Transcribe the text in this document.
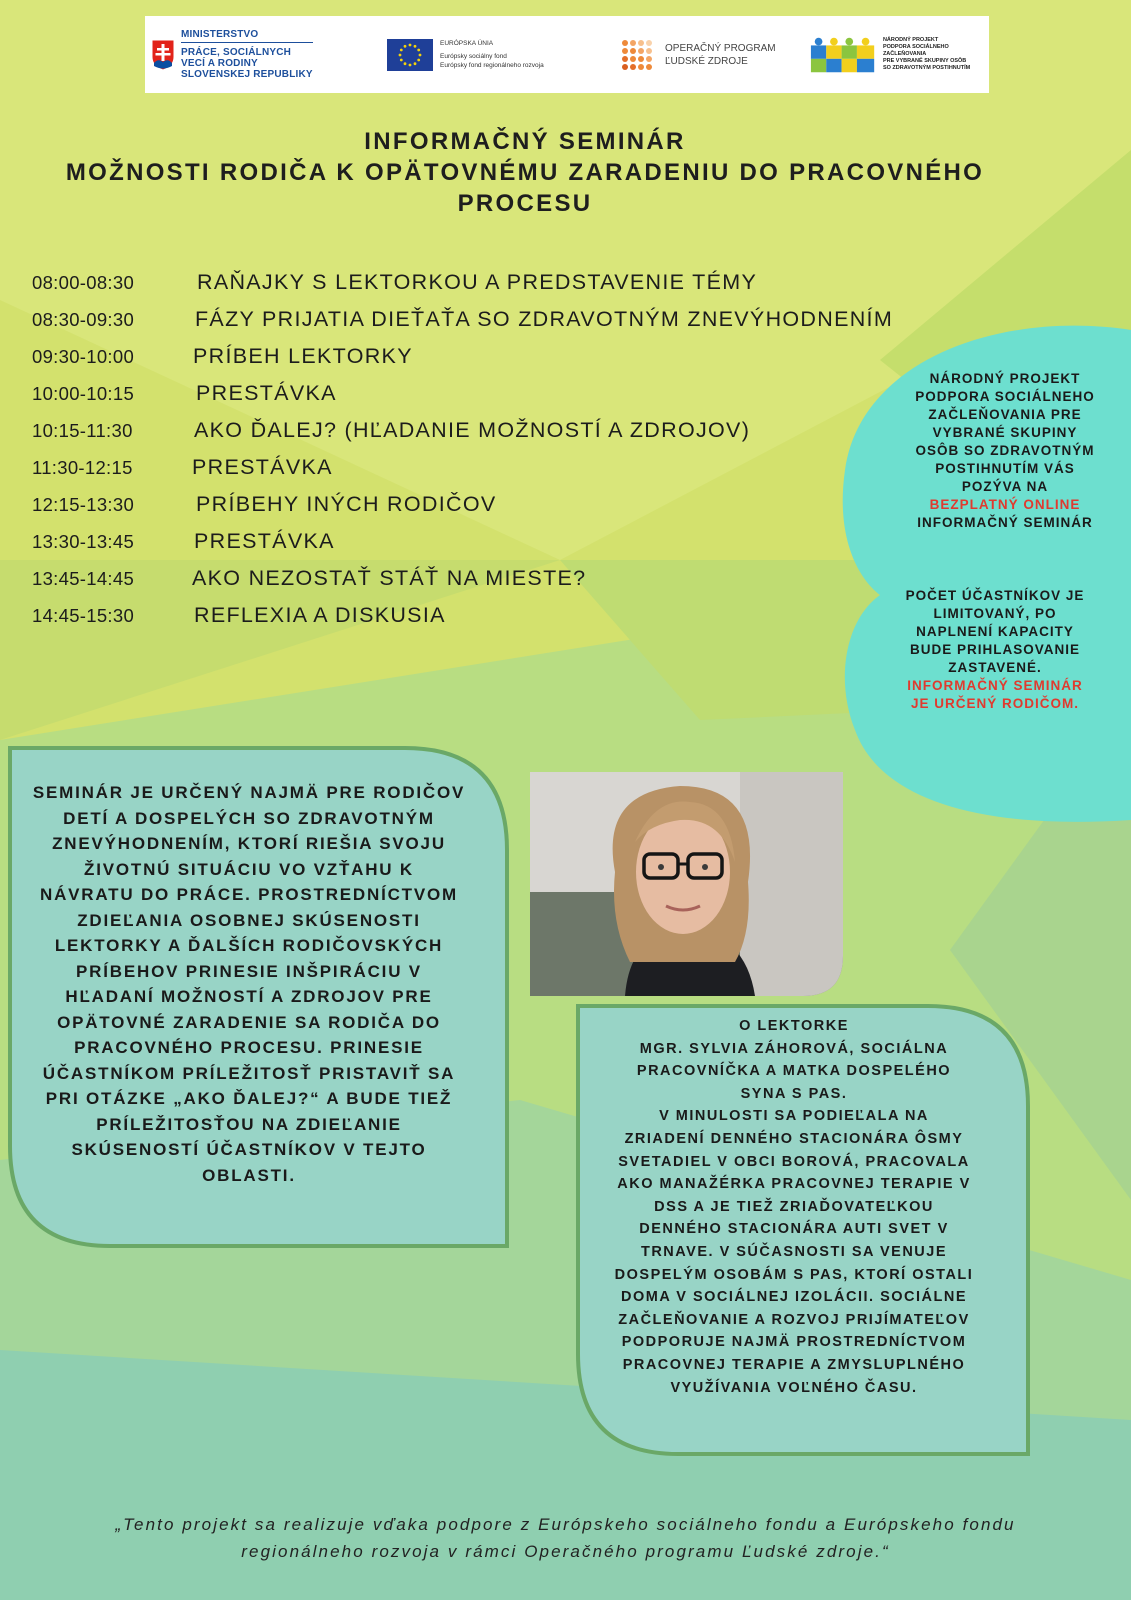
MINISTERSTVO
PRÁCE, SOCIÁLNYCH
VECÍ A RODINY
SLOVENSKEJ REPUBLIKY
EURÓPSKA ÚNIA
Európsky sociálny fond
Európsky fond regionálneho rozvoja
OPERAČNÝ PROGRAM
ĽUDSKÉ ZDROJE
NÁRODNÝ PROJEKT
PODPORA SOCIÁLNEHO ZAČLEŇOVANIA
PRE VYBRANÉ SKUPINY OSÔB
SO ZDRAVOTNÝM POSTIHNUTÍM
INFORMAČNÝ SEMINÁR
MOŽNOSTI RODIČA K OPÄTOVNÉMU ZARADENIU DO PRACOVNÉHO
PROCESU
08:00-08:30	RAŇAJKY S LEKTORKOU A PREDSTAVENIE TÉMY
08:30-09:30	FÁZY PRIJATIA DIEŤAŤA SO ZDRAVOTNÝM ZNEVÝHODNENÍM
09:30-10:00	PRÍBEH LEKTORKY
10:00-10:15	PRESTÁVKA
10:15-11:30	AKO ĎALEJ? (HĽADANIE MOŽNOSTÍ A ZDROJOV)
11:30-12:15	PRESTÁVKA
12:15-13:30	PRÍBEHY INÝCH RODIČOV
13:30-13:45	PRESTÁVKA
13:45-14:45	AKO NEZOSTAŤ STÁŤ NA MIESTE?
14:45-15:30	REFLEXIA A DISKUSIA
NÁRODNÝ PROJEKT
PODPORA SOCIÁLNEHO
ZAČLEŇOVANIA PRE
VYBRANÉ SKUPINY
OSÔB SO ZDRAVOTNÝM
POSTIHNUTÍM VÁS
POZÝVA NA
BEZPLATNÝ ONLINE
INFORMAČNÝ SEMINÁR
POČET ÚČASTNÍKOV JE
LIMITOVANÝ, PO
NAPLNENÍ KAPACITY
BUDE PRIHLASOVANIE
ZASTAVENÉ.
INFORMAČNÝ SEMINÁR
JE URČENÝ RODIČOM.
SEMINÁR JE URČENÝ NAJMÄ PRE RODIČOV
DETÍ A DOSPELÝCH SO ZDRAVOTNÝM
ZNEVÝHODNENÍM, KTORÍ RIEŠIA SVOJU
ŽIVOTNÚ SITUÁCIU VO VZŤAHU K
NÁVRATU DO PRÁCE. PROSTREDNÍCTVOM
ZDIEĽANIA OSOBNEJ SKÚSENOSTI
LEKTORKY A ĎALŠÍCH RODIČOVSKÝCH
PRÍBEHOV PRINESIE INŠPIRÁCIU V
HĽADANÍ MOŽNOSTÍ A ZDROJOV PRE
OPÄTOVNÉ ZARADENIE SA RODIČA DO
PRACOVNÉHO PROCESU. PRINESIE
ÚČASTNÍKOM PRÍLEŽITOSŤ PRISTAVIŤ SA
PRI OTÁZKE „AKO ĎALEJ?“ A BUDE TIEŽ
PRÍLEŽITOSŤOU NA ZDIEĽANIE
SKÚSENOSTÍ ÚČASTNÍKOV V TEJTO
OBLASTI.
O LEKTORKE
MGR. SYLVIA ZÁHOROVÁ, SOCIÁLNA
PRACOVNÍČKA A MATKA DOSPELÉHO
SYNA S PAS.
V MINULOSTI SA PODIEĽALA NA
ZRIADENÍ DENNÉHO STACIONÁRA ÔSMY
SVETADIEL V OBCI BOROVÁ, PRACOVALA
AKO MANAŽÉRKA PRACOVNEJ TERAPIE V
DSS A JE TIEŽ ZRIAĎOVATEĽKOU
DENNÉHO STACIONÁRA AUTI SVET V
TRNAVE. V SÚČASNOSTI SA VENUJE
DOSPELÝM OSOBÁM S PAS, KTORÍ OSTALI
DOMA V SOCIÁLNEJ IZOLÁCII. SOCIÁLNE
ZAČLEŇOVANIE A ROZVOJ PRIJÍMATEĽOV
PODPORUJE NAJMÄ PROSTREDNÍCTVOM
PRACOVNEJ TERAPIE A ZMYSLUPLNÉHO
VYUŽÍVANIA VOĽNÉHO ČASU.
„Tento projekt sa realizuje vďaka podpore z Európskeho sociálneho fondu a Európskeho fondu
regionálneho rozvoja v rámci Operačného programu Ľudské zdroje.“
